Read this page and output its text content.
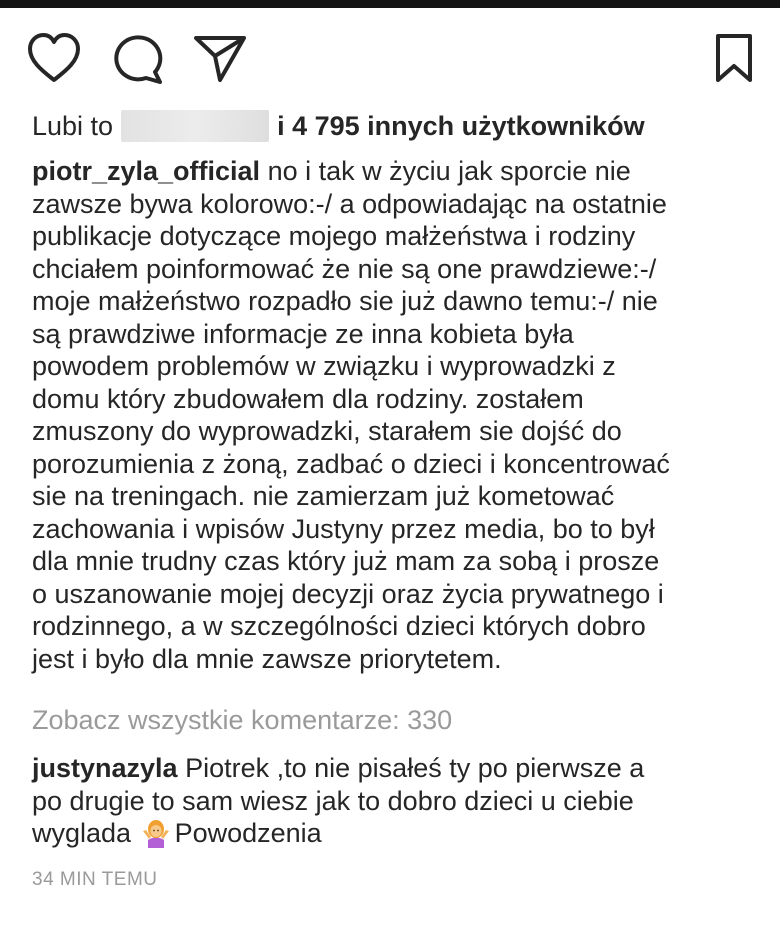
Lubi to	i 4 795 innych użytkowników
piotr_zyla_official no i tak w życiu jak sporcie nie
zawsze bywa kolorowo:-/ a odpowiadając na ostatnie
publikacje dotyczące mojego małżeństwa i rodziny
chciałem poinformować że nie są one prawdziewe:-/
moje małżeństwo rozpadło sie już dawno temu:-/ nie
są prawdziwe informacje ze inna kobieta była
powodem problemów w związku i wyprowadzki z
domu który zbudowałem dla rodziny. zostałem
zmuszony do wyprowadzki, starałem sie dojść do
porozumienia z żoną, zadbać o dzieci i koncentrować
sie na treningach. nie zamierzam już kometować
zachowania i wpisów Justyny przez media, bo to był
dla mnie trudny czas który już mam za sobą i prosze
o uszanowanie mojej decyzji oraz życia prywatnego i
rodzinnego, a w szczególności dzieci których dobro
jest i było dla mnie zawsze priorytetem.
Zobacz wszystkie komentarze: 330
justynazyla Piotrek ,to nie pisałeś ty po pierwsze a
po drugie to sam wiesz jak to dobro dzieci u ciebie
wyglada Powodzenia
34 MIN TEMU
